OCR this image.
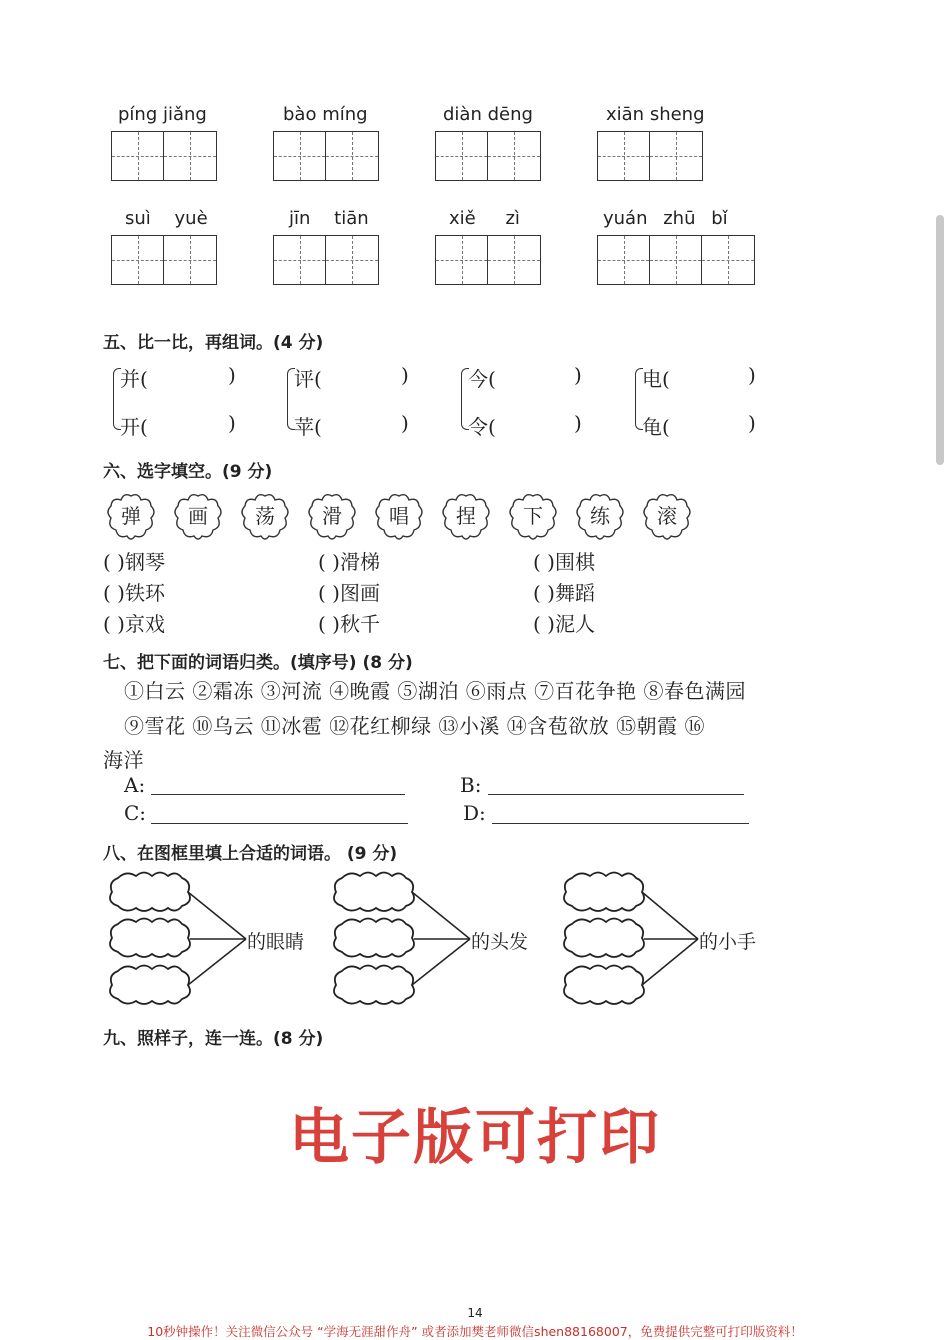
píng jiǎng	bào míng	diàn dēng	xiān sheng
suì yuè	jīn tiān	xiě zì	yuán zhū bǐ
五、比一比，再组词。(4 分)
并(	)
开(	)
评(	)
苹(	)
今(	)
令(	)
电(	)
龟(	)
六、选字填空。(9 分)
弹	画	荡	滑	唱	捏	下	练	滚
( )钢琴	( )滑梯	( )围棋
( )铁环	( )图画	( )舞蹈
( )京戏	( )秋千	( )泥人
七、把下面的词语归类。(填序号) (8 分)
①白云 ②霜冻 ③河流 ④晚霞 ⑤湖泊 ⑥雨点 ⑦百花争艳 ⑧春色满园
⑨雪花 ⑩乌云 ⑪冰雹 ⑫花红柳绿 ⑬小溪 ⑭含苞欲放 ⑮朝霞 ⑯
海洋
A:	B:
C:	D:
八、在图框里填上合适的词语。 (9 分)
的眼睛	的头发	的小手
九、照样子，连一连。(8 分)
电子版可打印
14
10秒钟操作！关注微信公众号 “学海无涯甜作舟” 或者添加樊老师微信shen88168007，免费提供完整可打印版资料！
